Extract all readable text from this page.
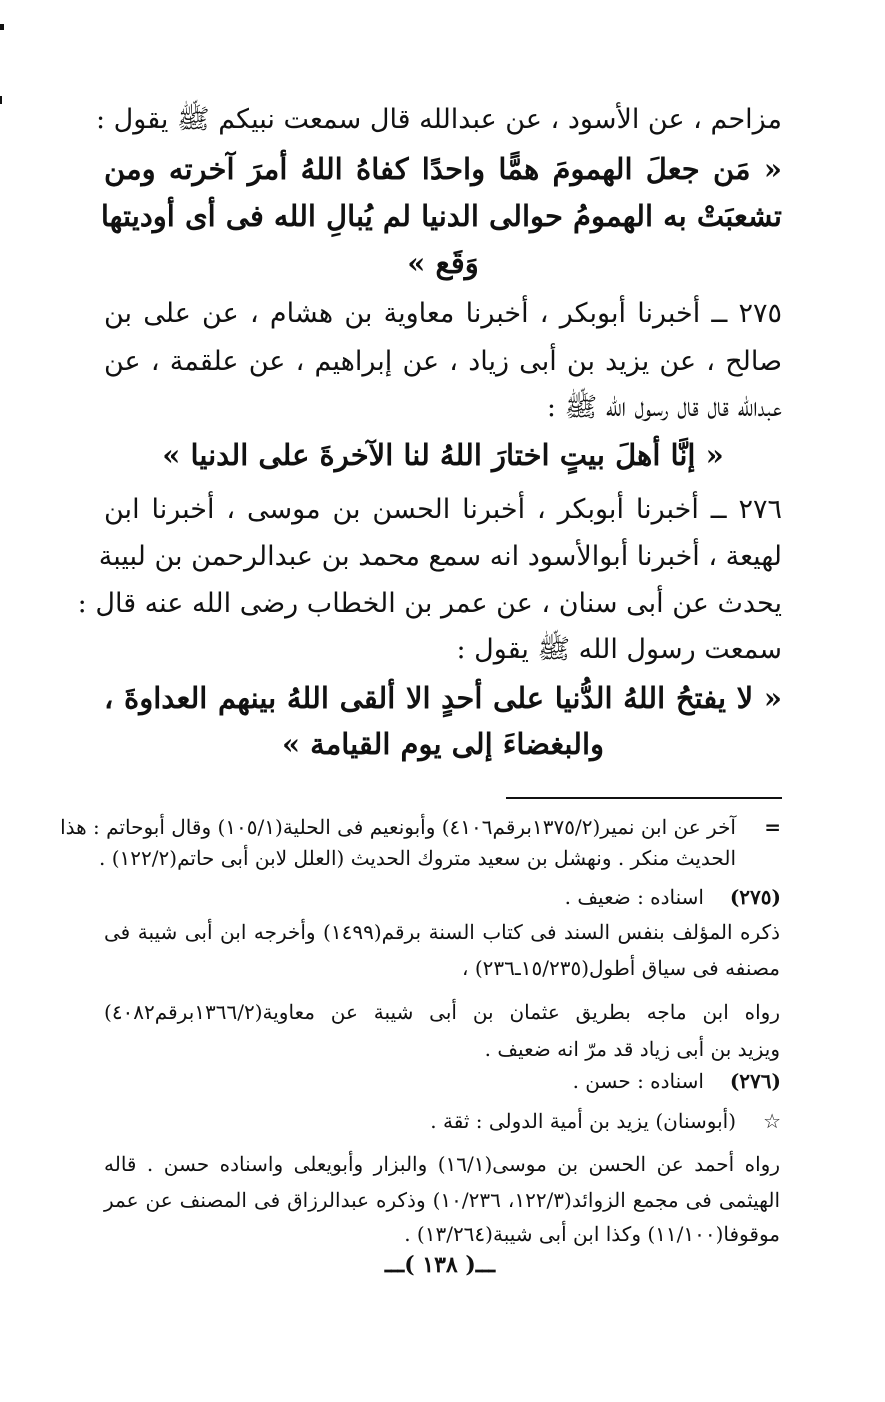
مزاحم ، عن الأسود ، عن عبدالله قال سمعت نبيكم ﷺ يقول :
« مَن جعلَ الهمومَ همًّا واحدًا كفاهُ اللهُ أمرَ آخرته ومن
تشعبَتْ به الهمومُ حوالى الدنيا لم يُبالِ الله فى أى أوديتها
وَقَع »
٢٧٥ ــ أخبرنا أبوبكر ، أخبرنا معاوية بن هشام ، عن على بن
صالح ، عن يزيد بن أبى زياد ، عن إبراهيم ، عن علقمة ، عن
عبدالله قال قال رسول الله ﷺ :
« إنَّا أهلَ بيتٍ اختارَ اللهُ لنا الآخرةَ على الدنيا »
٢٧٦ ــ أخبرنا أبوبكر ، أخبرنا الحسن بن موسى ، أخبرنا ابن
لهيعة ، أخبرنا أبوالأسود انه سمع محمد بن عبدالرحمن بن لبيبة
يحدث عن أبى سنان ، عن عمر بن الخطاب رضى الله عنه قال :
سمعت رسول الله ﷺ يقول :
« لا يفتحُ اللهُ الدُّنيا على أحدٍ الا ألقى اللهُ بينهم العداوةَ ،
والبغضاءَ إلى يوم القيامة »
=
آخر عن ابن نمير(١٣٧٥/٢برقم٤١٠٦) وأبونعيم فى الحلية(١٠٥/١) وقال أبوحاتم : هذا
الحديث منكر . ونهشل بن سعيد متروك الحديث (العلل لابن أبى حاتم(١٢٢/٢) .
(٢٧٥)
اسناده : ضعيف .
ذكره المؤلف بنفس السند فى كتاب السنة برقم(١٤٩٩) وأخرجه ابن أبى شيبة فى
مصنفه فى سياق أطول(١٥/٢٣٥ـ٢٣٦) ،
رواه ابن ماجه بطريق عثمان بن أبى شيبة عن معاوية(١٣٦٦/٢برقم٤٠٨٢)
ويزيد بن أبى زياد قد مرّ انه ضعيف .
(٢٧٦)
اسناده : حسن .
☆
(أبوسنان) يزيد بن أمية الدولى : ثقة .
رواه أحمد عن الحسن بن موسى(١٦/١) والبزار وأبويعلى واسناده حسن . قاله
الهيثمى فى مجمع الزوائد(١٢٢/٣، ١٠/٢٣٦) وذكره عبدالرزاق فى المصنف عن عمر
موقوفا(١١/١٠٠) وكذا ابن أبى شيبة(١٣/٢٦٤) .
ـــ( ١٣٨ )ـــ
